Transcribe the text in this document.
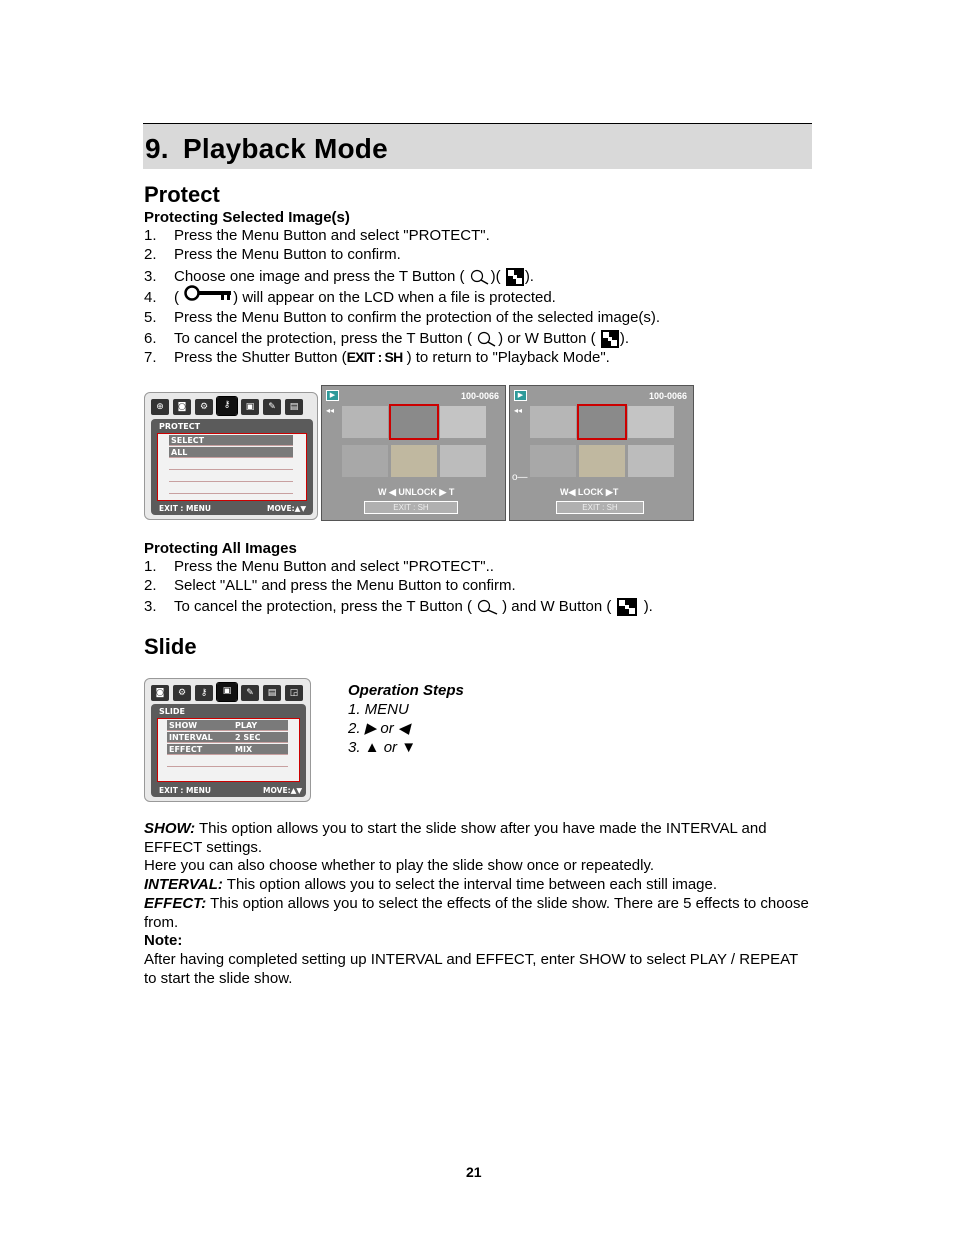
9. Playback Mode
Protect
Protecting Selected Image(s)
1. Press the Menu Button and select "PROTECT".
2. Press the Menu Button to confirm.
3. Choose one image and press the T Button ( )( ).
4. (	) will appear on the LCD when a file is protected.
5. Press the Menu Button to confirm the protection of the selected image(s).
6. To cancel the protection, press the T Button ( ) or W Button ( ).
7. Press the Shutter Button (EXIT : SH ) to return to "Playback Mode".
⊕	◙	⚙	⚷	▣	✎	▤
PROTECT
SELECT
ALL
EXIT : MENU	MOVE:▲▼
▶	100-0066
◂◂
W ◀ UNLOCK ▶ T
EXIT : SH
▶	100-0066
◂◂
o—
W◀ LOCK ▶T
EXIT : SH
Protecting All Images
1. Press the Menu Button and select "PROTECT"..
2. Select "ALL" and press the Menu Button to confirm.
3. To cancel the protection, press the T Button ( ) and W Button ( ).
Slide
◙	⚙	⚷	▣	✎	▤	◲
SLIDE
SHOW	PLAY
INTERVAL	2 SEC
EFFECT	MIX
EXIT : MENU	MOVE:▲▼
Operation Steps
1. MENU
2. ▶ or ◀
3. ▲ or ▼
SHOW: This option allows you to start the slide show after you have made the INTERVAL and EFFECT settings.
Here you can also choose whether to play the slide show once or repeatedly.
INTERVAL: This option allows you to select the interval time between each still image.
EFFECT: This option allows you to select the effects of the slide show. There are 5 effects to choose from.
Note:
After having completed setting up INTERVAL and EFFECT, enter SHOW to select PLAY / REPEAT to start the slide show.
21
